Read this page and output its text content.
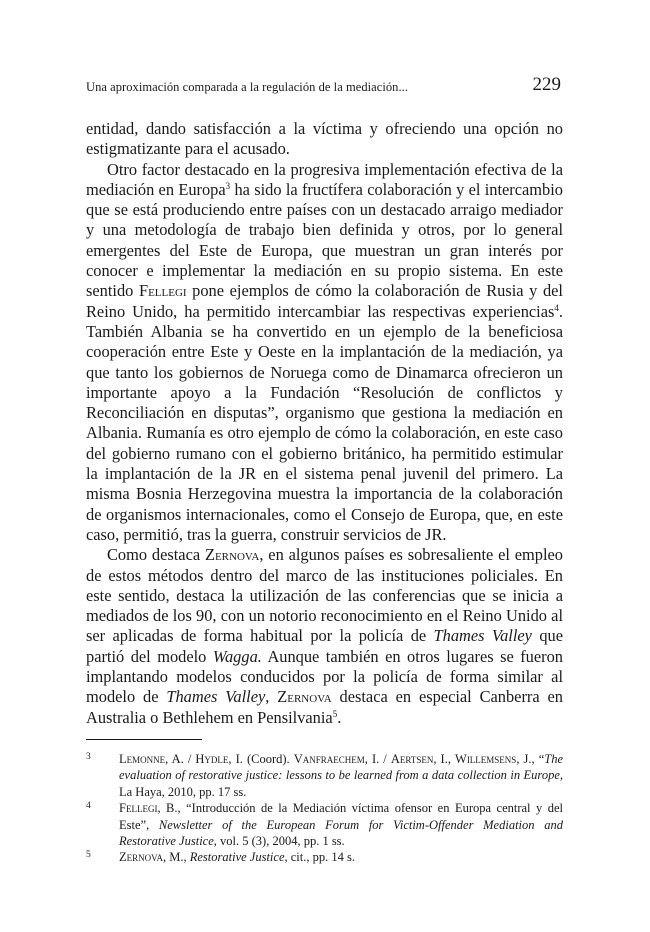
Una aproximación comparada a la regulación de la mediación...	229

entidad, dando satisfacción a la víctima y ofreciendo una opción no estigmatizante para el acusado.

Otro factor destacado en la progresiva implementación efectiva de la mediación en Europa$^3$ ha sido la fructífera colaboración y el intercambio que se está produciendo entre países con un destacado arraigo mediador y una metodología de trabajo bien definida y otros, por lo general emergentes del Este de Europa, que muestran un gran interés por conocer e implementar la mediación en su propio sistema. En este sentido Fellegi pone ejemplos de cómo la colaboración de Rusia y del Reino Unido, ha permitido intercambiar las respectivas experiencias$^4$. También Albania se ha convertido en un ejemplo de la beneficiosa cooperación entre Este y Oeste en la implantación de la mediación, ya que tanto los gobiernos de Noruega como de Dinamarca ofrecieron un importante apoyo a la Fundación “Resolución de conflictos y Reconciliación en disputas”, organismo que gestiona la mediación en Albania. Rumanía es otro ejemplo de cómo la colaboración, en este caso del gobierno rumano con el gobierno británico, ha permitido estimular la implantación de la JR en el sistema penal juvenil del primero. La misma Bosnia Herzegovina muestra la importancia de la colaboración de organismos internacionales, como el Consejo de Europa, que, en este caso, permitió, tras la guerra, construir servicios de JR.

Como destaca Zernova, en algunos países es sobresaliente el empleo de estos métodos dentro del marco de las instituciones policiales. En este sentido, destaca la utilización de las conferencias que se inicia a mediados de los 90, con un notorio reconocimiento en el Reino Unido al ser aplicadas de forma habitual por la policía de Thames Valley que partió del modelo Wagga. Aunque también en otros lugares se fueron implantando modelos conducidos por la policía de forma similar al modelo de Thames Valley, Zernova destaca en especial Canberra en Australia o Bethlehem en Pensilvania$^5$.

3 Lemonne, A. / Hydle, I. (Coord). Vanfraechem, I. / Aertsen, I., Willemsens, J., “The evaluation of restorative justice: lessons to be learned from a data collection in Europe, La Haya, 2010, pp. 17 ss.
4 Fellegi, B., “Introducción de la Mediación víctima ofensor en Europa central y del Este”, Newsletter of the European Forum for Victim-Offender Mediation and Restorative Justice, vol. 5 (3), 2004, pp. 1 ss.
5 Zernova, M., Restorative Justice, cit., pp. 14 s.
